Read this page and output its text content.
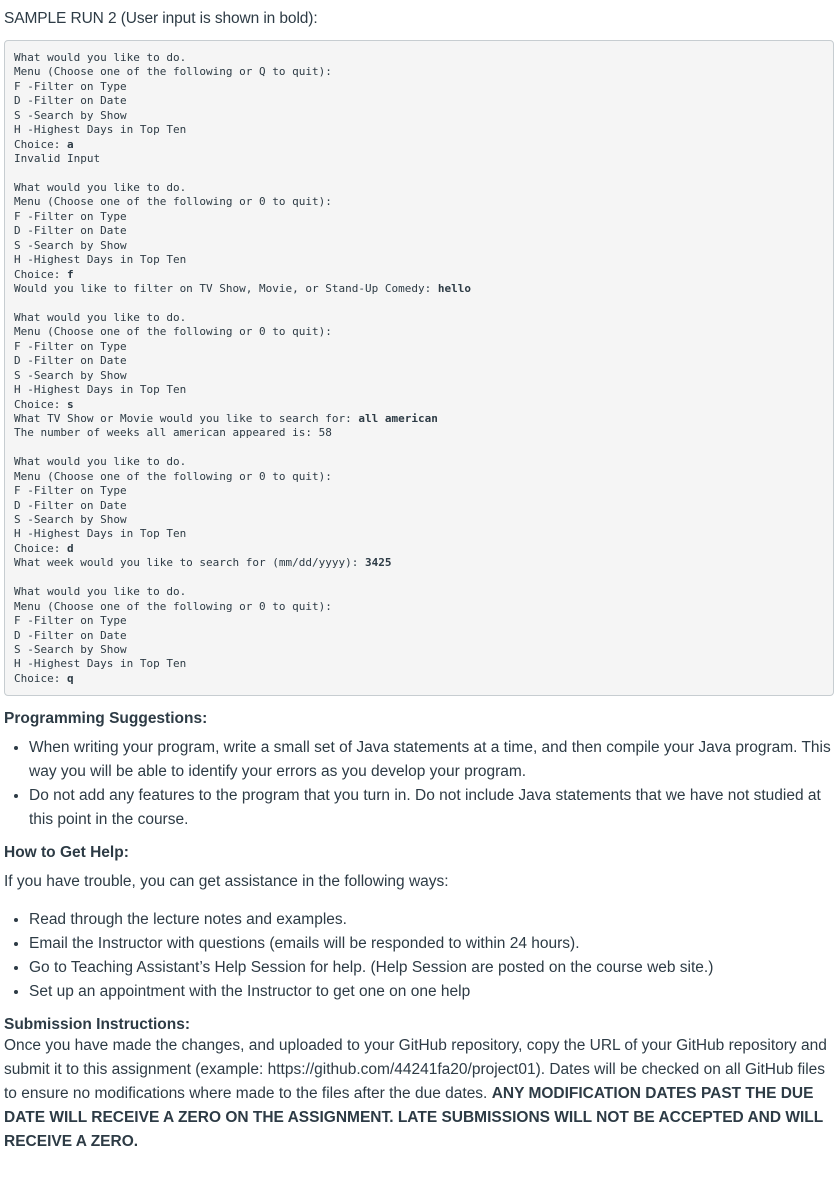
SAMPLE RUN 2 (User input is shown in bold):
What would you like to do.
Menu (Choose one of the following or Q to quit):
F -Filter on Type
D -Filter on Date
S -Search by Show
H -Highest Days in Top Ten
Choice: a
Invalid Input
What would you like to do.
Menu (Choose one of the following or 0 to quit):
F -Filter on Type
D -Filter on Date
S -Search by Show
H -Highest Days in Top Ten
Choice: f
Would you like to filter on TV Show, Movie, or Stand-Up Comedy: hello
What would you like to do.
Menu (Choose one of the following or 0 to quit):
F -Filter on Type
D -Filter on Date
S -Search by Show
H -Highest Days in Top Ten
Choice: s
What TV Show or Movie would you like to search for: all american
The number of weeks all american appeared is: 58
What would you like to do.
Menu (Choose one of the following or 0 to quit):
F -Filter on Type
D -Filter on Date
S -Search by Show
H -Highest Days in Top Ten
Choice: d
What week would you like to search for (mm/dd/yyyy): 3425
What would you like to do.
Menu (Choose one of the following or 0 to quit):
F -Filter on Type
D -Filter on Date
S -Search by Show
H -Highest Days in Top Ten
Choice: q
Programming Suggestions:
• When writing your program, write a small set of Java statements at a time, and then compile your Java program. This way you will be able to identify your errors as you develop your program.
• Do not add any features to the program that you turn in. Do not include Java statements that we have not studied at this point in the course.
How to Get Help:

If you have trouble, you can get assistance in the following ways:

• Read through the lecture notes and examples.
• Email the Instructor with questions (emails will be responded to within 24 hours).
• Go to Teaching Assistant’s Help Session for help. (Help Session are posted on the course web site.)
• Set up an appointment with the Instructor to get one on one help
Submission Instructions:
Once you have made the changes, and uploaded to your GitHub repository, copy the URL of your GitHub repository and submit it to this assignment (example: https://github.com/44241fa20/project01). Dates will be checked on all GitHub files to ensure no modifications where made to the files after the due dates. ANY MODIFICATION DATES PAST THE DUE DATE WILL RECEIVE A ZERO ON THE ASSIGNMENT. LATE SUBMISSIONS WILL NOT BE ACCEPTED AND WILL RECEIVE A ZERO.
